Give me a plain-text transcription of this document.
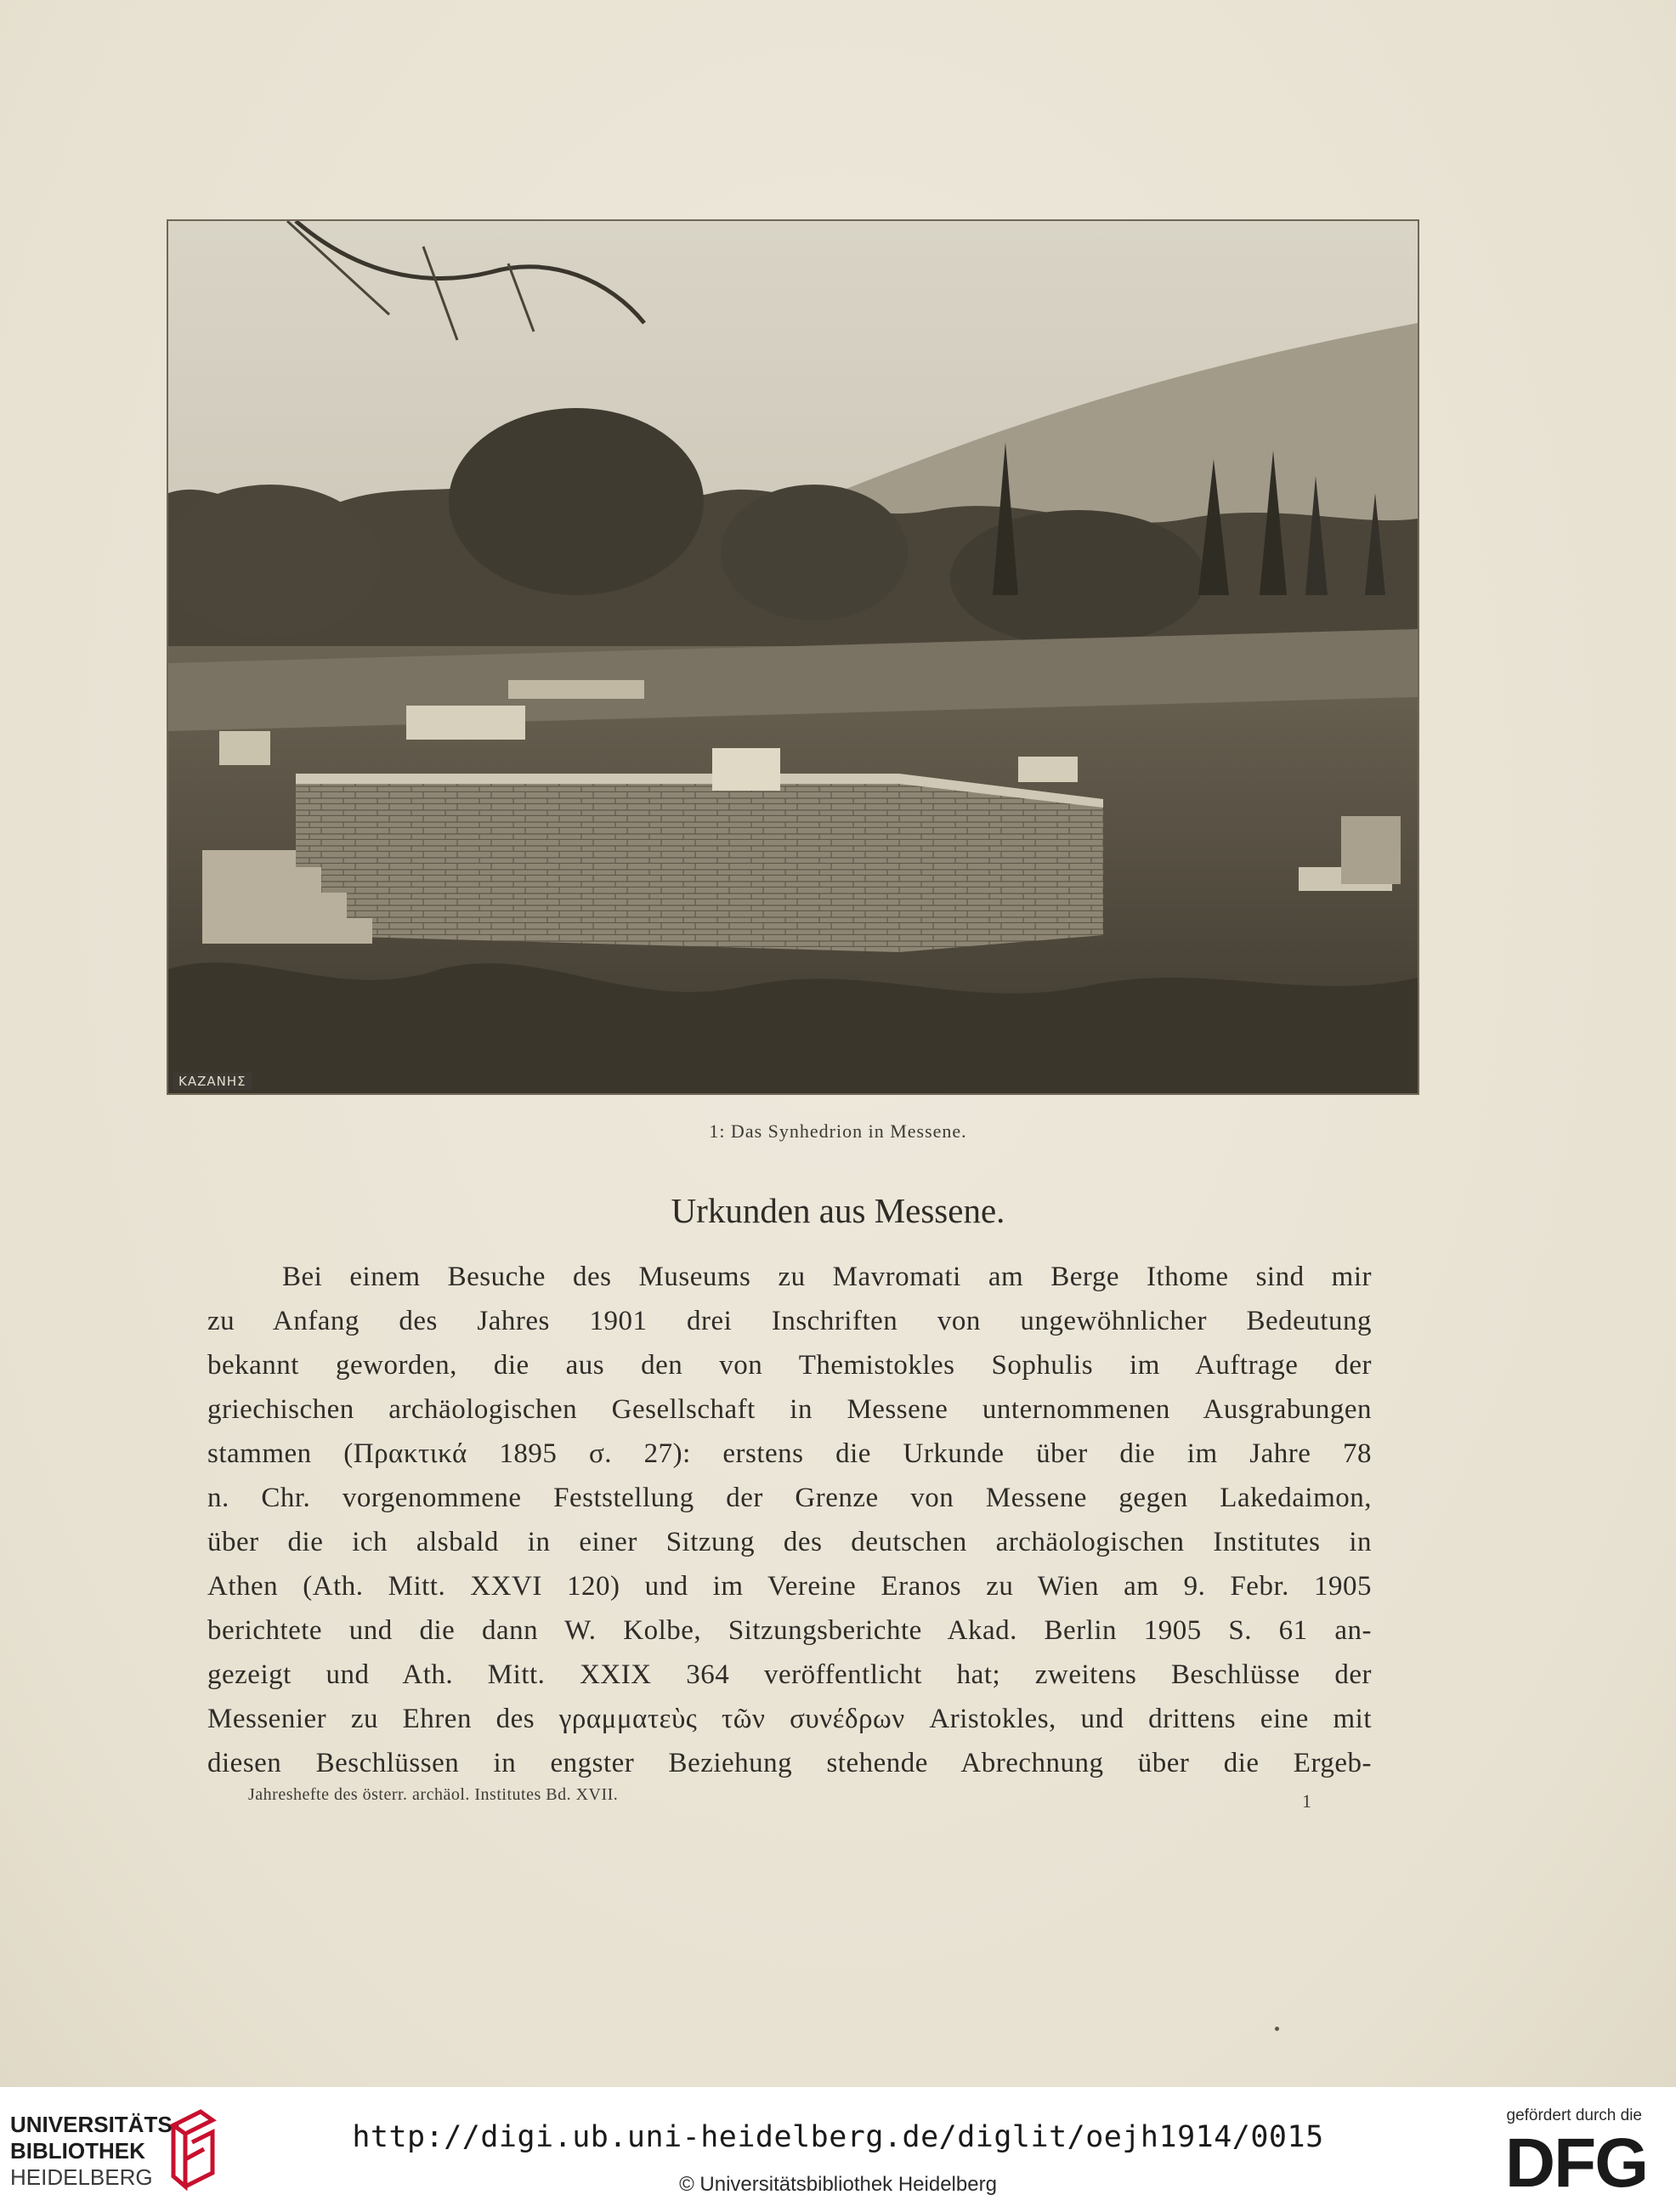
ΚΑΖΑΝΗΣ
1: Das Synhedrion in Messene.
Urkunden aus Messene.
Bei einem Besuche des Museums zu Mavromati am Berge Ithome sind mir
zu Anfang des Jahres 1901 drei Inschriften von ungewöhnlicher Bedeutung
bekannt geworden, die aus den von Themistokles Sophulis im Auftrage der
griechischen archäologischen Gesellschaft in Messene unternommenen Ausgrabungen
stammen (Πρακτικά 1895 σ. 27): erstens die Urkunde über die im Jahre 78
n. Chr. vorgenommene Feststellung der Grenze von Messene gegen Lakedaimon,
über die ich alsbald in einer Sitzung des deutschen archäologischen Institutes in
Athen (Ath. Mitt. XXVI 120) und im Vereine Eranos zu Wien am 9. Febr. 1905
berichtete und die dann W. Kolbe, Sitzungsberichte Akad. Berlin 1905 S. 61 an-
gezeigt und Ath. Mitt. XXIX 364 veröffentlicht hat; zweitens Beschlüsse der
Messenier zu Ehren des γραμματεὺς τῶν συνέδρων Aristokles, und drittens eine mit
diesen Beschlüssen in engster Beziehung stehende Abrechnung über die Ergeb-
Jahreshefte des österr. archäol. Institutes Bd. XVII.	1
UNIVERSITÄTS-
BIBLIOTHEK
HEIDELBERG
http://digi.ub.uni-heidelberg.de/diglit/oejh1914/0015
© Universitätsbibliothek Heidelberg
gefördert durch die
DFG
